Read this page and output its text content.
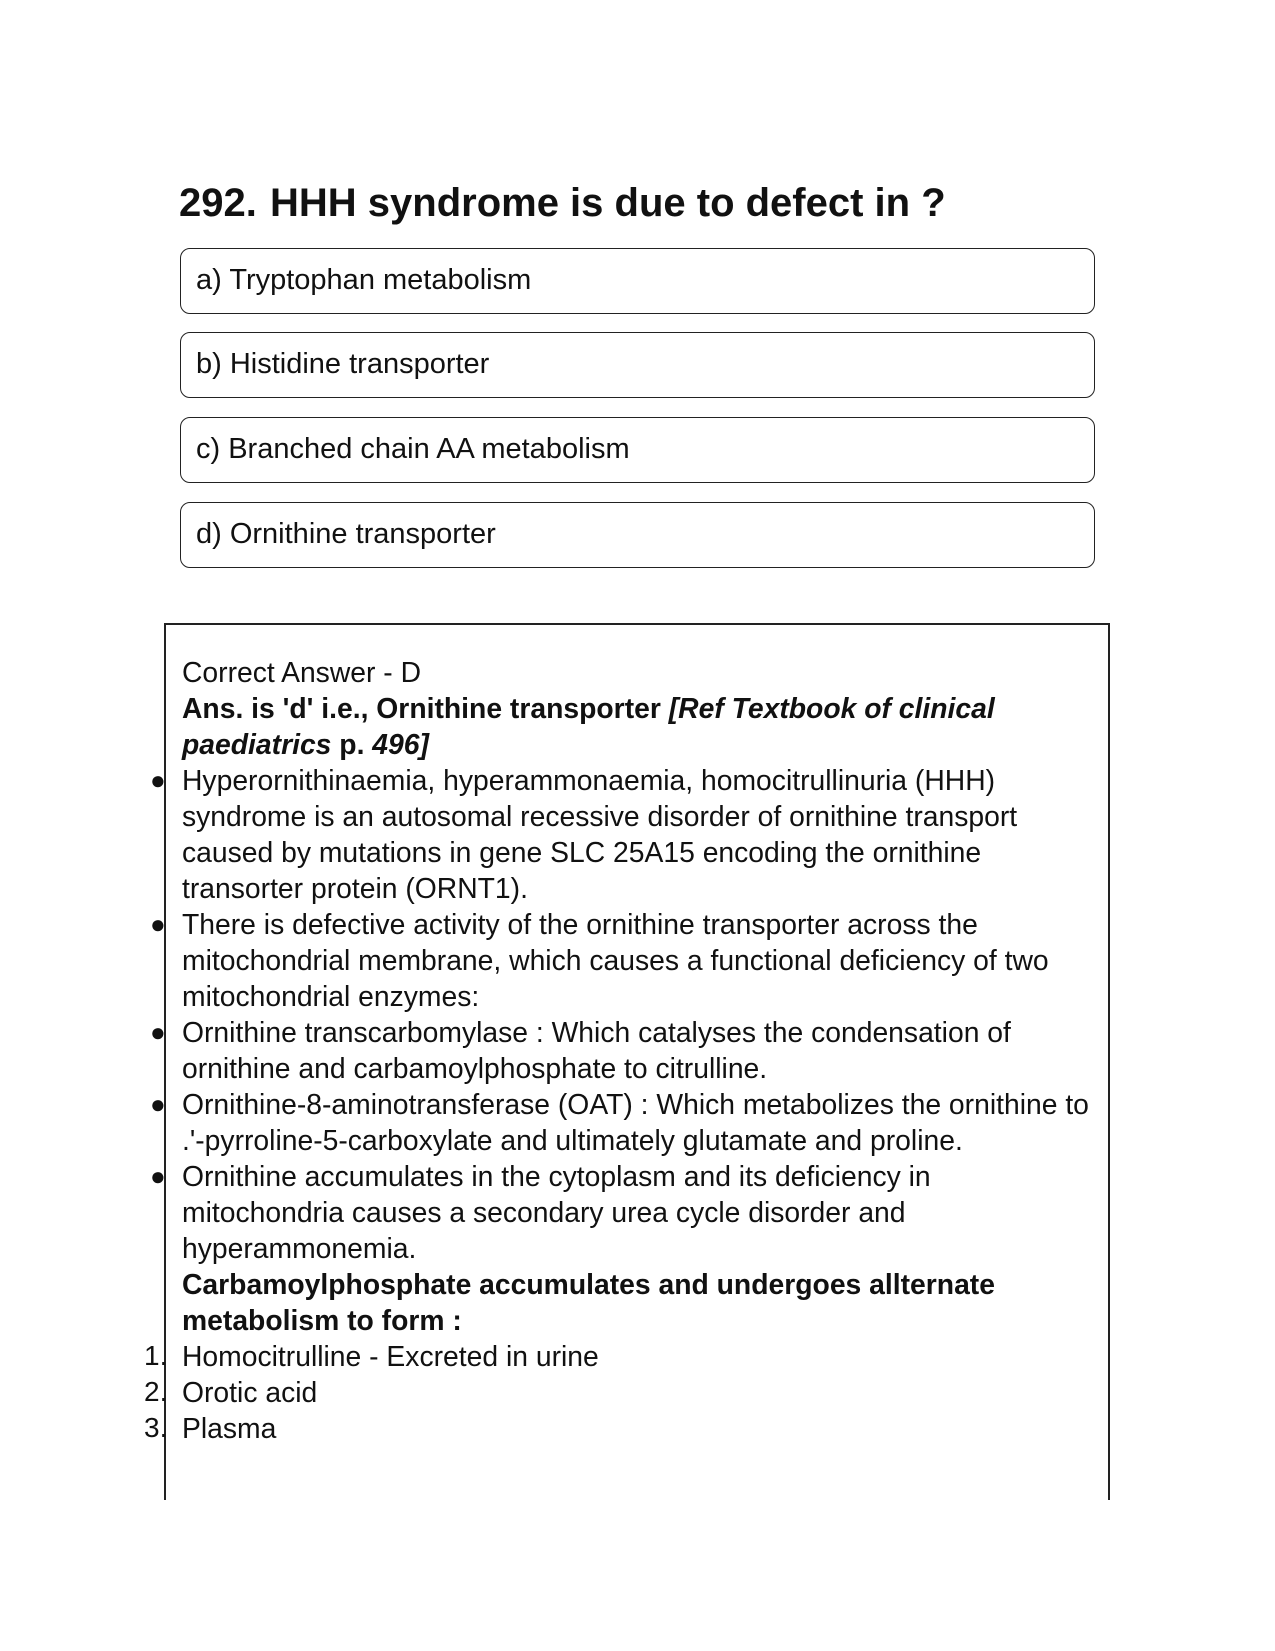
292. HHH syndrome is due to defect in ?
a) Tryptophan metabolism
b) Histidine transporter
c) Branched chain AA metabolism
d) Ornithine transporter

Correct Answer - D

Ans. is 'd' i.e., Ornithine transporter [Ref Textbook of clinical paediatrics p. 496]

● Hyperornithinaemia, hyperammonaemia, homocitrullinuria (HHH) syndrome is an autosomal recessive disorder of ornithine transport caused by mutations in gene SLC 25A15 encoding the ornithine transorter protein (ORNT1).

● There is defective activity of the ornithine transporter across the mitochondrial membrane, which causes a functional deficiency of two mitochondrial enzymes:

● Ornithine transcarbomylase : Which catalyses the condensation of ornithine and carbamoylphosphate to citrulline.

● Ornithine-8-aminotransferase (OAT) : Which metabolizes the ornithine to .'-pyrroline-5-carboxylate and ultimately glutamate and proline.

● Ornithine accumulates in the cytoplasm and its deficiency in mitochondria causes a secondary urea cycle disorder and hyperammonemia.

Carbamoylphosphate accumulates and undergoes allternate metabolism to form :

1. Homocitrulline - Excreted in urine

2. Orotic acid

3. Plasma
